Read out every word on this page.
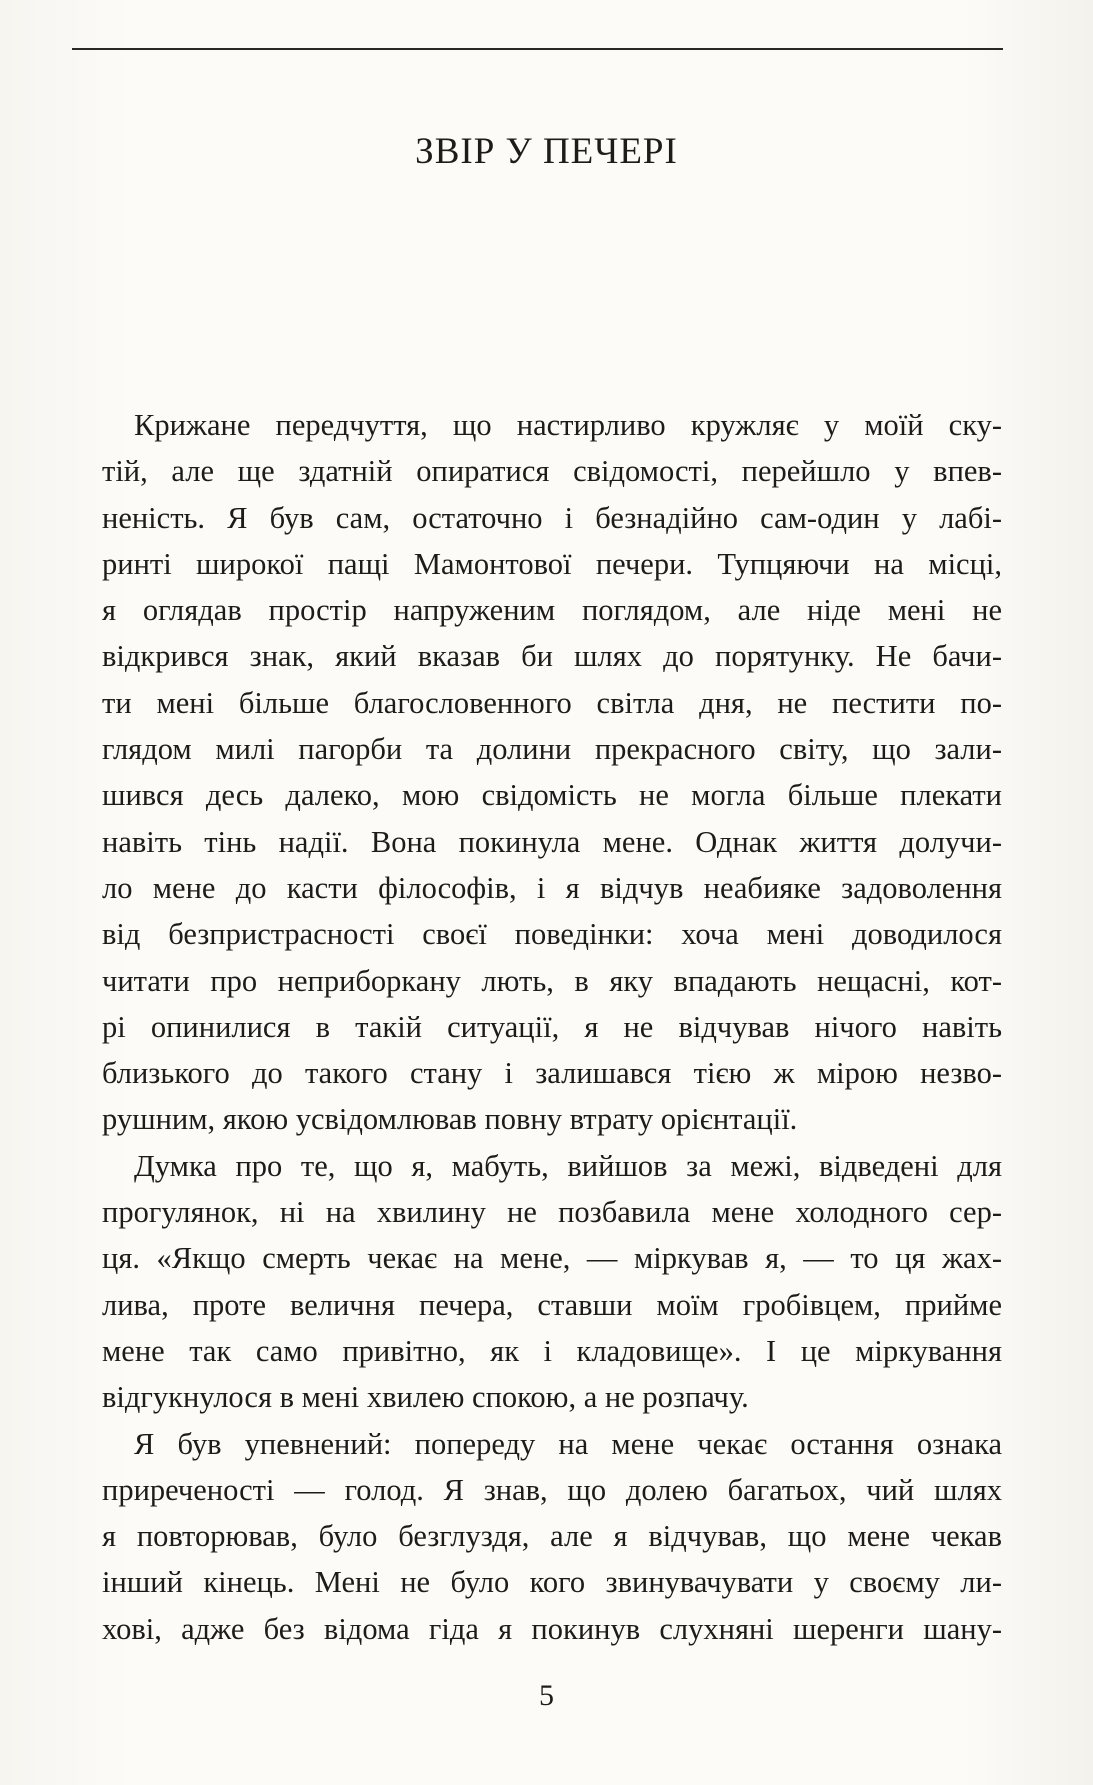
ЗВІР У ПЕЧЕРІ
Крижане передчуття, що настирливо кружляє у моїй ску-
тій, але ще здатній опиратися свідомості, перейшло у впев-
неність. Я був сам, остаточно і безнадійно сам-один у лабі-
ринті широкої пащі Мамонтової печери. Тупцяючи на місці,
я оглядав простір напруженим поглядом, але ніде мені не
відкрився знак, який вказав би шлях до порятунку. Не бачи-
ти мені більше благословенного світла дня, не пестити по-
глядом милі пагорби та долини прекрасного світу, що зали-
шився десь далеко, мою свідомість не могла більше плекати
навіть тінь надії. Вона покинула мене. Однак життя долучи-
ло мене до касти філософів, і я відчув неабияке задоволення
від безпристрасності своєї поведінки: хоча мені доводилося
читати про неприборкану лють, в яку впадають нещасні, кот-
рі опинилися в такій ситуації, я не відчував нічого навіть
близького до такого стану і залишався тією ж мірою незво-
рушним, якою усвідомлював повну втрату орієнтації.
Думка про те, що я, мабуть, вийшов за межі, відведені для
прогулянок, ні на хвилину не позбавила мене холодного сер-
ця. «Якщо смерть чекає на мене, — міркував я, — то ця жах-
лива, проте величня печера, ставши моїм гробівцем, прийме
мене так само привітно, як і кладовище». І це міркування
відгукнулося в мені хвилею спокою, а не розпачу.
Я був упевнений: попереду на мене чекає остання ознака
приреченості — голод. Я знав, що долею багатьох, чий шлях
я повторював, було безглуздя, але я відчував, що мене чекав
інший кінець. Мені не було кого звинувачувати у своєму ли-
хові, адже без відома гіда я покинув слухняні шеренги шану-
5
